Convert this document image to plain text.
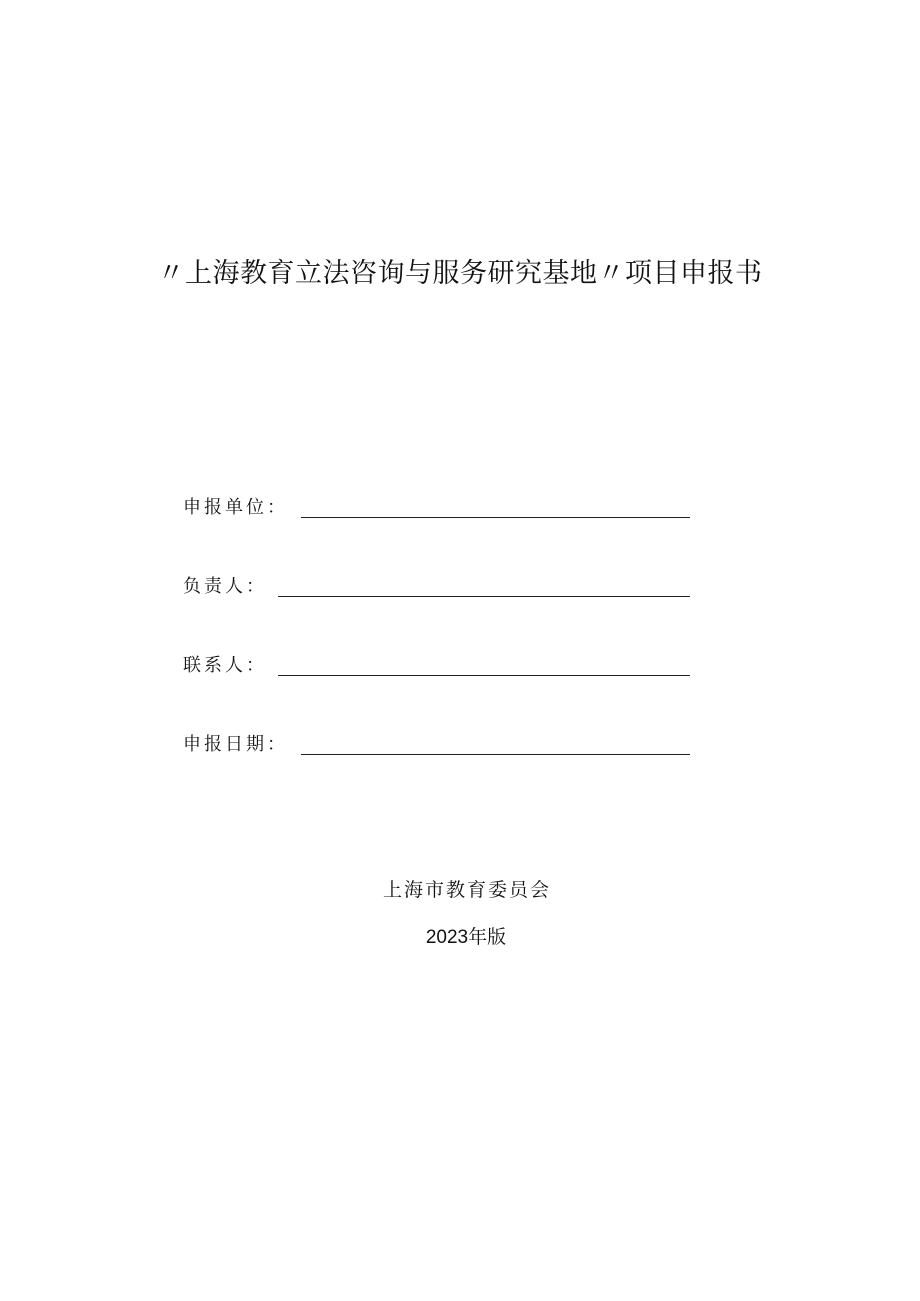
〃上海教育立法咨询与服务研究基地〃项目申报书
申报单位：
负责人：
联系人：
申报日期：
上海市教育委员会
2023年版
